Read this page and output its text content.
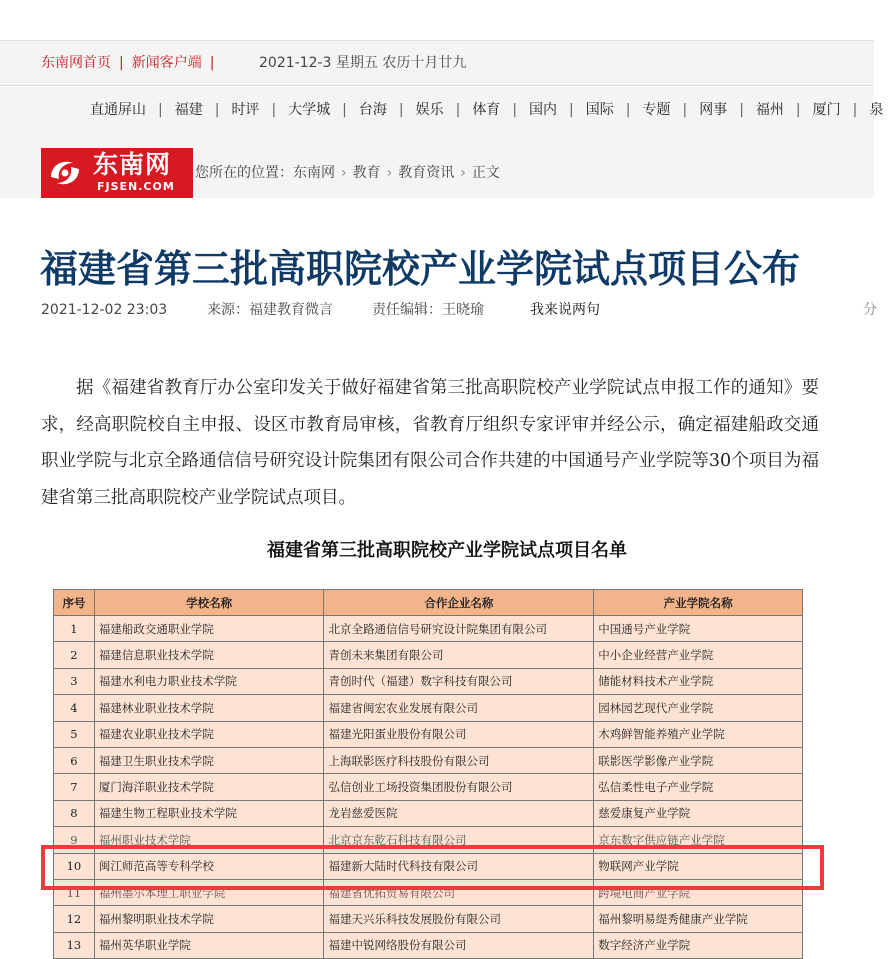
东南网首页 | 新闻客户端 |	2021-12-3 星期五 农历十月廿九
直通屏山 | 福建 | 时评 | 大学城 | 台海 | 娱乐 | 体育 | 国内 | 国际 | 专题 | 网事 | 福州 | 厦门 | 泉
东南网
FJSEN.COM
您所在的位置： 东南网 › 教育 › 教育资讯 › 正文
福建省第三批高职院校产业学院试点项目公布
2021-12-02 23:03	来源：福建教育微言	责任编辑：王晓瑜	我来说两句	分

据《福建省教育厅办公室印发关于做好福建省第三批高职院校产业学院试点申报工作的通知》要求，经高职院校自主申报、设区市教育局审核，省教育厅组织专家评审并经公示，确定福建船政交通职业学院与北京全路通信信号研究设计院集团有限公司合作共建的中国通号产业学院等30个项目为福建省第三批高职院校产业学院试点项目。

福建省第三批高职院校产业学院试点项目名单
序号	学校名称	合作企业名称	产业学院名称
1	福建船政交通职业学院	北京全路通信信号研究设计院集团有限公司	中国通号产业学院
2	福建信息职业技术学院	青创未来集团有限公司	中小企业经营产业学院
3	福建水利电力职业技术学院	青创时代（福建）数字科技有限公司	储能材料技术产业学院
4	福建林业职业技术学院	福建省闽宏农业发展有限公司	园林园艺现代产业学院
5	福建农业职业技术学院	福建光阳蛋业股份有限公司	木鸡鲜智能养殖产业学院
6	福建卫生职业技术学院	上海联影医疗科技股份有限公司	联影医学影像产业学院
7	厦门海洋职业技术学院	弘信创业工场投资集团股份有限公司	弘信柔性电子产业学院
8	福建生物工程职业技术学院	龙岩慈爱医院	慈爱康复产业学院
9	福州职业技术学院	北京京东乾石科技有限公司	京东数字供应链产业学院
10	闽江师范高等专科学校	福建新大陆时代科技有限公司	物联网产业学院
11	福州墨尔本理工职业学院	福建省优拓贸易有限公司	跨境电商产业学院
12	福州黎明职业技术学院	福建天兴乐科技发展股份有限公司	福州黎明易缇秀健康产业学院
13	福州英华职业学院	福建中锐网络股份有限公司	数字经济产业学院
